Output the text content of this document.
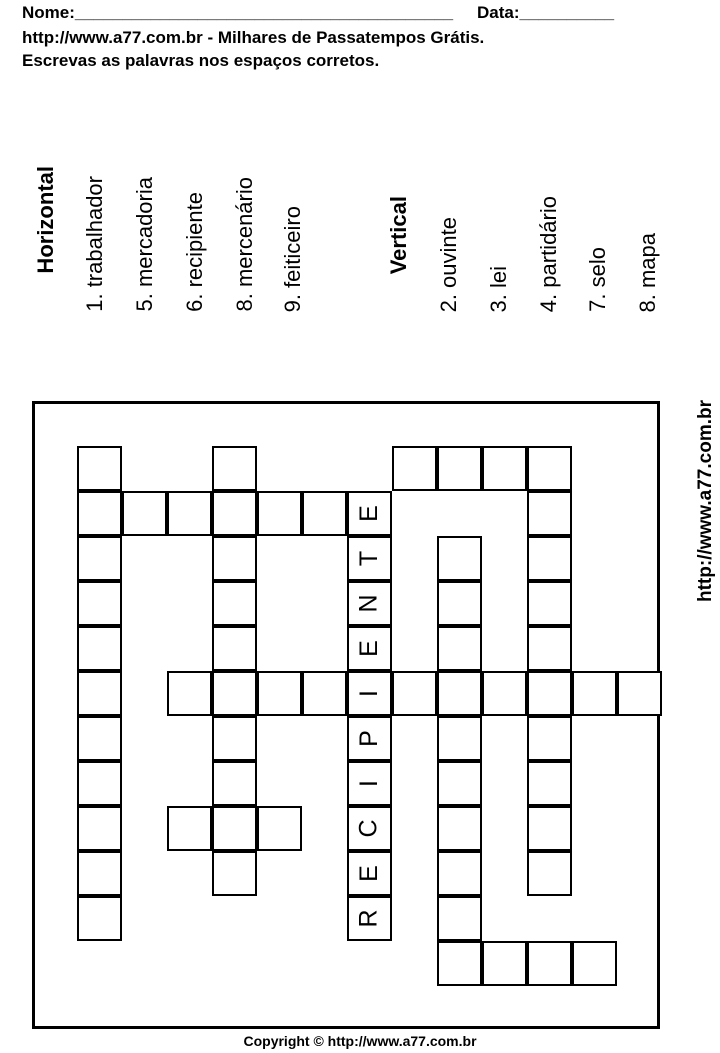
Nome:________________________________________ Data:__________
http://www.a77.com.br - Milhares de Passatempos Grátis.
Escrevas as palavras nos espaços corretos.
Horizontal 1. trabalhador 5. mercadoria 6. recipiente 8. mercenário 9. feiticeiro	Vertical 2. ouvinte 3. lei 4. partidário 7. selo 8. mapa
R
E
C
I
P
I
E
N
T
E	http://www.a77.com.br
Copyright © http://www.a77.com.br
